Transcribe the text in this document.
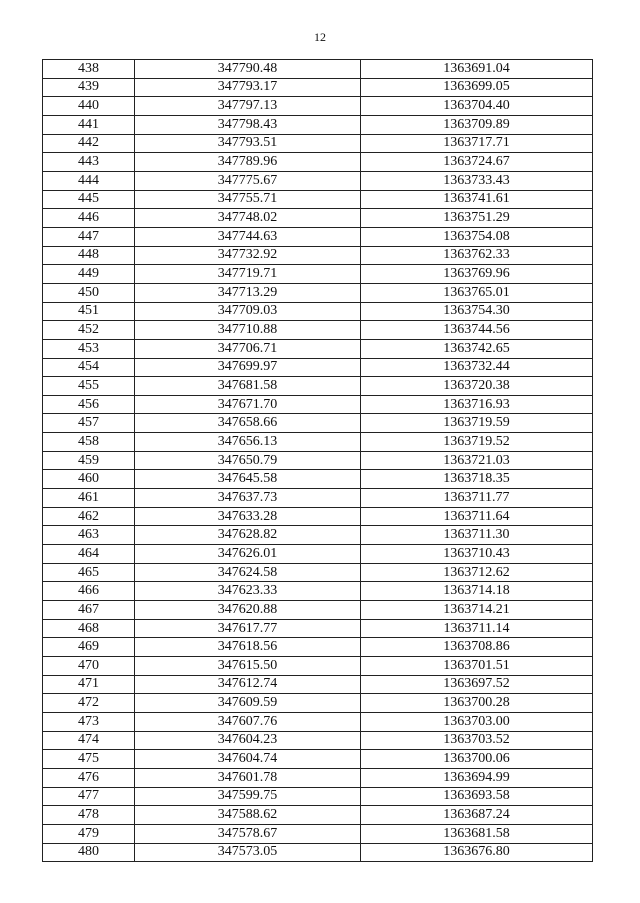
12
438	347790.48	1363691.04
439	347793.17	1363699.05
440	347797.13	1363704.40
441	347798.43	1363709.89
442	347793.51	1363717.71
443	347789.96	1363724.67
444	347775.67	1363733.43
445	347755.71	1363741.61
446	347748.02	1363751.29
447	347744.63	1363754.08
448	347732.92	1363762.33
449	347719.71	1363769.96
450	347713.29	1363765.01
451	347709.03	1363754.30
452	347710.88	1363744.56
453	347706.71	1363742.65
454	347699.97	1363732.44
455	347681.58	1363720.38
456	347671.70	1363716.93
457	347658.66	1363719.59
458	347656.13	1363719.52
459	347650.79	1363721.03
460	347645.58	1363718.35
461	347637.73	1363711.77
462	347633.28	1363711.64
463	347628.82	1363711.30
464	347626.01	1363710.43
465	347624.58	1363712.62
466	347623.33	1363714.18
467	347620.88	1363714.21
468	347617.77	1363711.14
469	347618.56	1363708.86
470	347615.50	1363701.51
471	347612.74	1363697.52
472	347609.59	1363700.28
473	347607.76	1363703.00
474	347604.23	1363703.52
475	347604.74	1363700.06
476	347601.78	1363694.99
477	347599.75	1363693.58
478	347588.62	1363687.24
479	347578.67	1363681.58
480	347573.05	1363676.80
